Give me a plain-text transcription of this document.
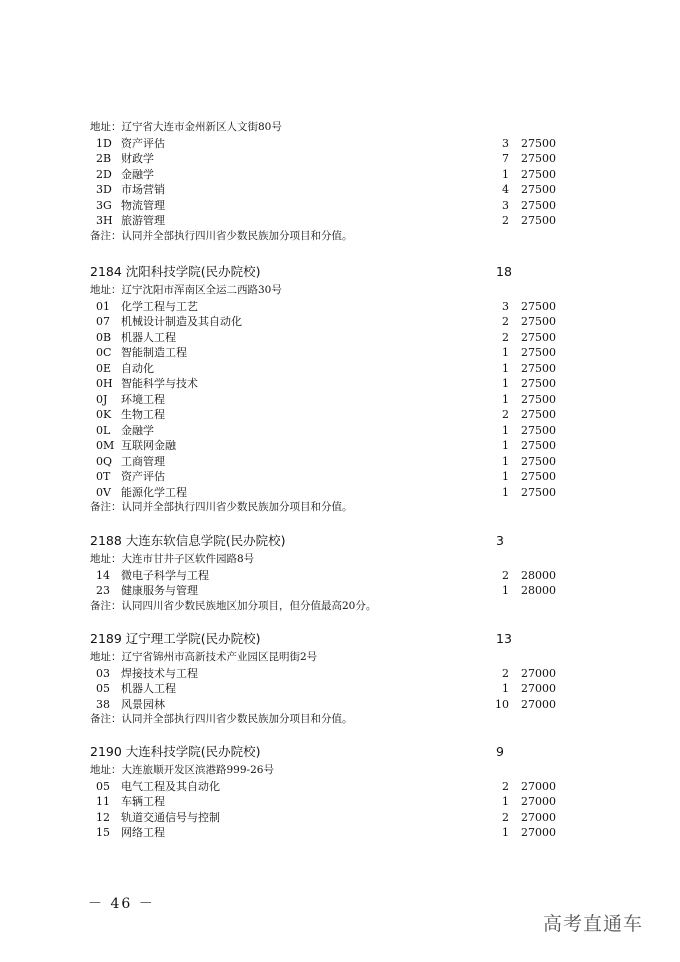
地址：辽宁省大连市金州新区人文街80号
1D 资产评估	3 27500
2B 财政学	7 27500
2D 金融学	1 27500
3D 市场营销	4 27500
3G 物流管理	3 27500
3H 旅游管理	2 27500
备注：认同并全部执行四川省少数民族加分项目和分值。
2184 沈阳科技学院(民办院校)	18
地址：辽宁沈阳市浑南区全运二西路30号
01 化学工程与工艺	3 27500
07 机械设计制造及其自动化	2 27500
0B 机器人工程	2 27500
0C 智能制造工程	1 27500
0E 自动化	1 27500
0H 智能科学与技术	1 27500
0J 环境工程	1 27500
0K 生物工程	2 27500
0L 金融学	1 27500
0M 互联网金融	1 27500
0Q 工商管理	1 27500
0T 资产评估	1 27500
0V 能源化学工程	1 27500
备注：认同并全部执行四川省少数民族加分项目和分值。
2188 大连东软信息学院(民办院校)	3
地址：大连市甘井子区软件园路8号
14 微电子科学与工程	2 28000
23 健康服务与管理	1 28000
备注：认同四川省少数民族地区加分项目，但分值最高20分。
2189 辽宁理工学院(民办院校)	13
地址：辽宁省锦州市高新技术产业园区昆明街2号
03 焊接技术与工程	2 27000
05 机器人工程	1 27000
38 风景园林	10 27000
备注：认同并全部执行四川省少数民族加分项目和分值。
2190 大连科技学院(民办院校)	9
地址：大连旅顺开发区滨港路999-26号
05 电气工程及其自动化	2 27000
11 车辆工程	1 27000
12 轨道交通信号与控制	2 27000
15 网络工程	1 27000
－ 46 －
高考直通车
